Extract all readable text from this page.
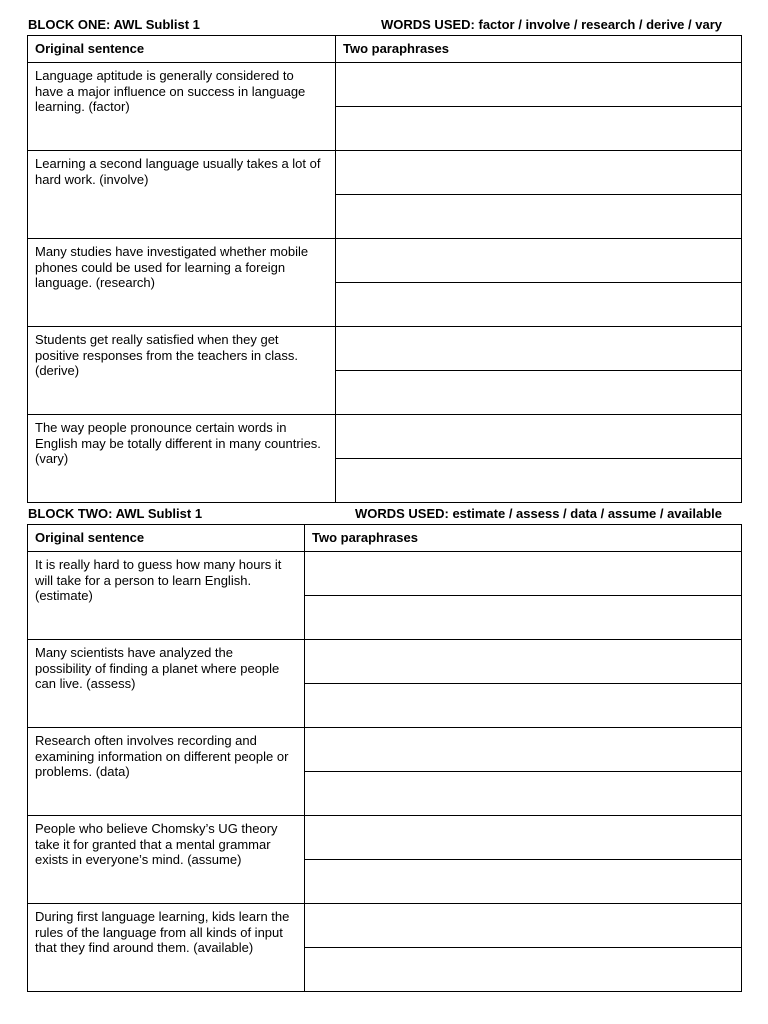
BLOCK ONE: AWL Sublist 1	WORDS USED: factor / involve / research / derive / vary
Original sentence	Two paraphrases
Language aptitude is generally considered to have a major influence on success in language learning. (factor)	

Learning a second language usually takes a lot of hard work. (involve)	

Many studies have investigated whether mobile phones could be used for learning a foreign language. (research)	

Students get really satisfied when they get positive responses from the teachers in class. (derive)	

The way people pronounce certain words in English may be totally different in many countries. (vary)	

BLOCK TWO: AWL Sublist 1	WORDS USED: estimate / assess / data / assume / available
Original sentence	Two paraphrases
It is really hard to guess how many hours it will take for a person to learn English. (estimate)	

Many scientists have analyzed the possibility of finding a planet where people can live. (assess)	

Research often involves recording and examining information on different people or problems. (data)	

People who believe Chomsky’s UG theory take it for granted that a mental grammar exists in everyone’s mind. (assume)	

During first language learning, kids learn the rules of the language from all kinds of input that they find around them. (available)	
